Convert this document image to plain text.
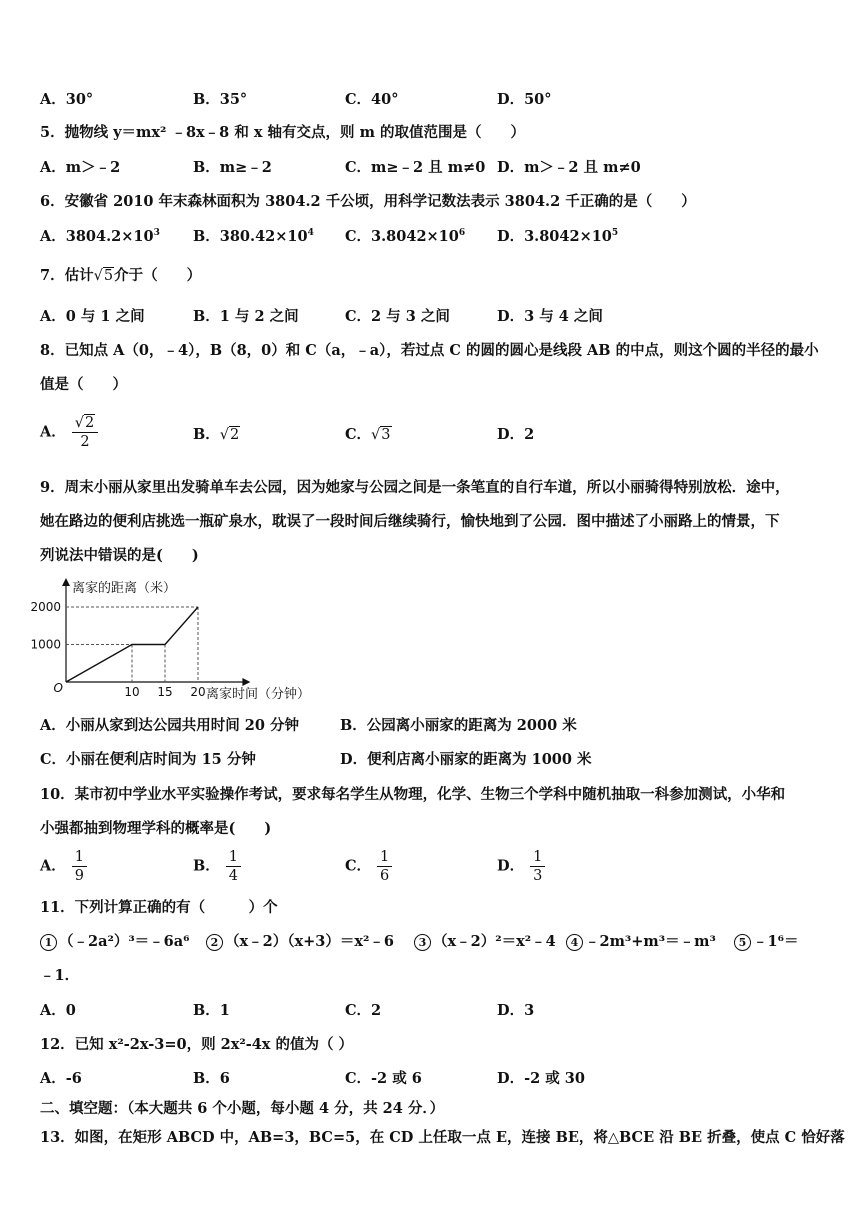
A．30°	B．35°	C．40°	D．50°
5．抛物线 y＝mx² ﹣8x﹣8 和 x 轴有交点，则 m 的取值范围是（　　）
A．m＞﹣2	B．m≥﹣2	C．m≥﹣2 且 m≠0 D．m＞﹣2 且 m≠0
6．安徽省 2010 年末森林面积为 3804.2 千公顷，用科学记数法表示 3804.2 千正确的是（　　）
A．$3804.2\times 10^3$ B．$380.42\times 10^4$ C．$3.8042\times 10^6$ D．$3.8042\times 10^5$
7．估计√5介于（　　）
A．0 与 1 之间	B．1 与 2 之间	C．2 与 3 之间	D．3 与 4 之间
8．已知点 A（0，﹣4），B（8，0）和 C（a，﹣a），若过点 C 的圆的圆心是线段 AB 的中点，则这个圆的半径的最小
值是（　　）
A． $\frac{√2}{2}$	B．√2	C．√3	D．2
9．周末小丽从家里出发骑单车去公园，因为她家与公园之间是一条笔直的自行车道，所以小丽骑得特别放松．途中，
她在路边的便利店挑选一瓶矿泉水，耽误了一段时间后继续骑行，愉快地到了公园．图中描述了小丽路上的情景，下
列说法中错误的是(　　)
10 15 20
1000
2000
O
离家的距离（米）
离家时间（分钟）
A．小丽从家到达公园共用时间 20 分钟	B．公园离小丽家的距离为 2000 米
C．小丽在便利店时间为 15 分钟	D．便利店离小丽家的距离为 1000 米
10．某市初中学业水平实验操作考试，要求每名学生从物理，化学、生物三个学科中随机抽取一科参加测试，小华和
小强都抽到物理学科的概率是(　　)
A． $\frac{1}{9}$	B． $\frac{1}{4}$	C． $\frac{1}{6}$	D． $\frac{1}{3}$
11．下列计算正确的有（　　　）个
1 （﹣2a²）³＝﹣6a⁶	2 （x﹣2）（x+3）＝x²﹣6	3 （x﹣2）²＝x²﹣4	4 ﹣2m³+m³＝﹣m³	5 ﹣1⁶＝
﹣1．
A．0	B．1	C．2	D．3
12．已知 x²-2x-3=0，则 2x²-4x 的值为（ ）
A．-6	B．6	C．-2 或 6	D．-2 或 30
二、填空题：（本大题共 6 个小题，每小题 4 分，共 24 分．）
13．如图，在矩形 ABCD 中，AB=3，BC=5，在 CD 上任取一点 E，连接 BE，将△BCE 沿 BE 折叠，使点 C 恰好落
